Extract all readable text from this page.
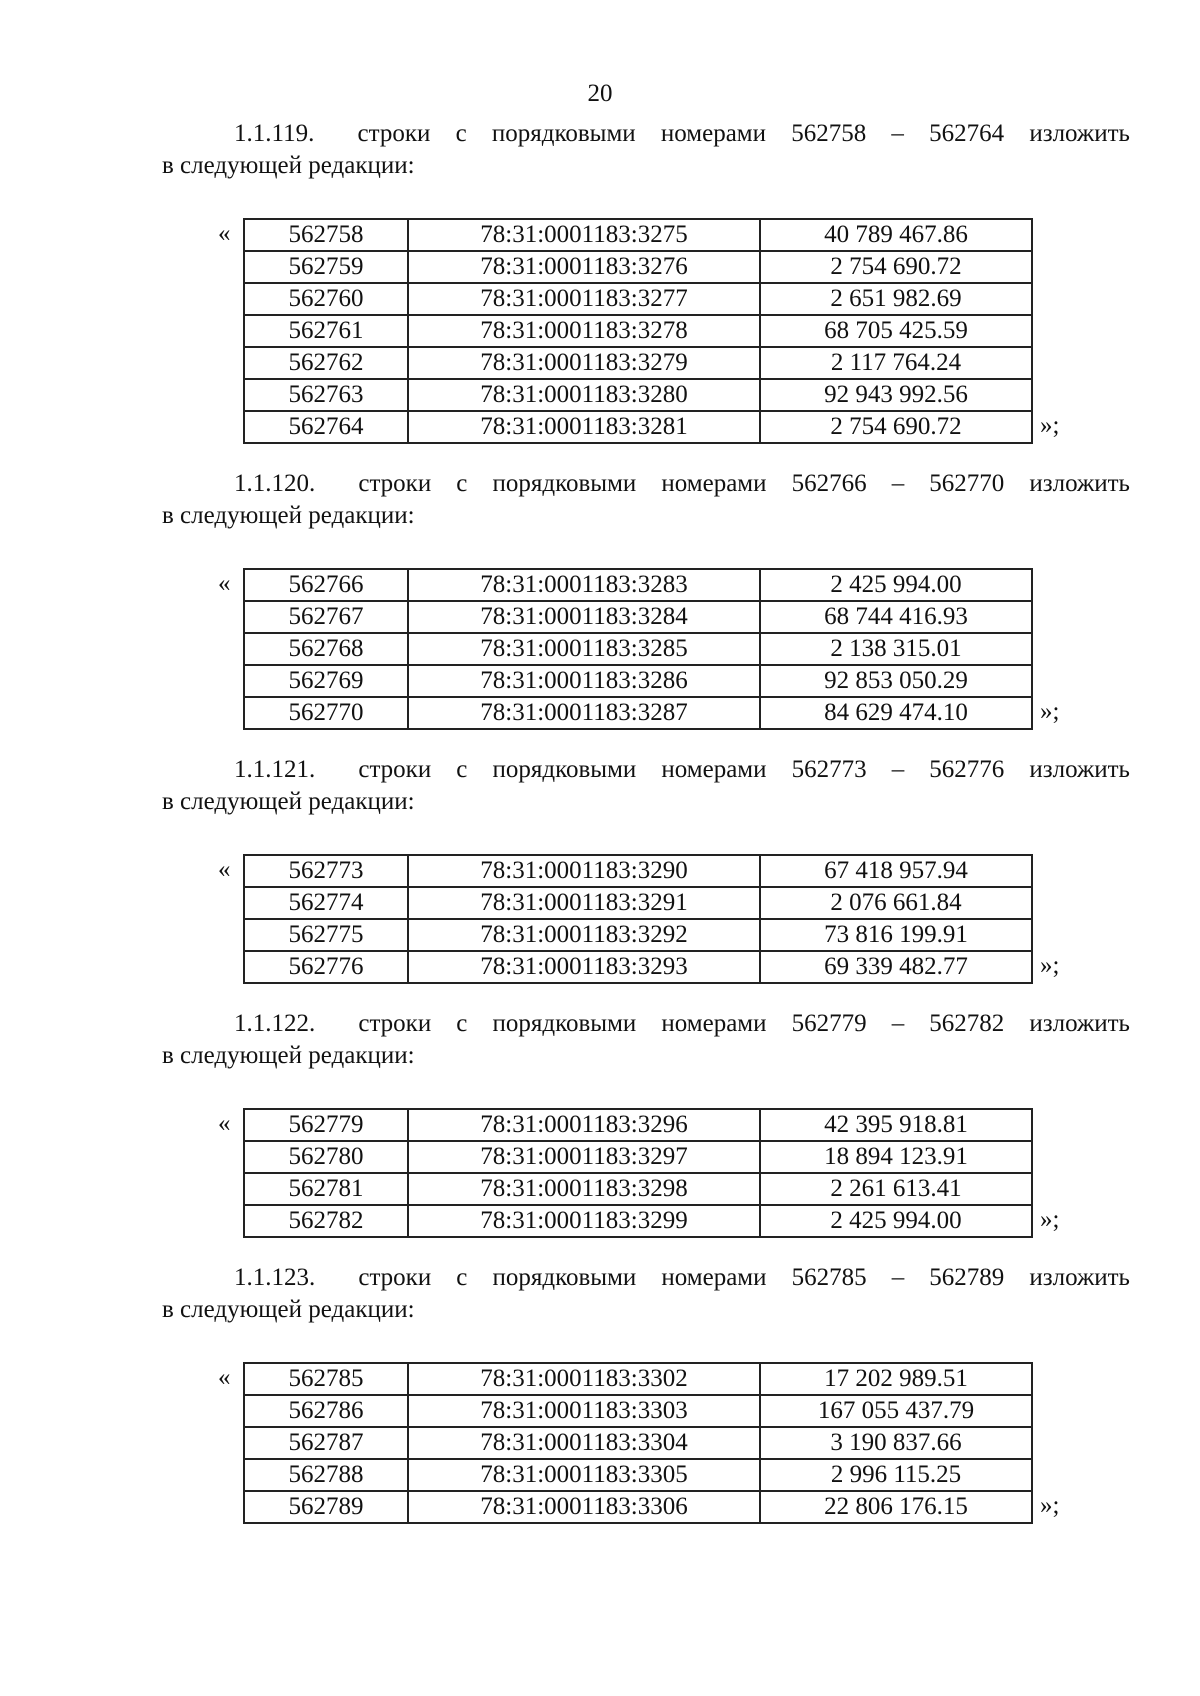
20
1.1.119. строки с порядковыми номерами 562758 – 562764 изложить
в следующей редакции:
« 562758	78:31:0001183:3275	40 789 467.86
562759	78:31:0001183:3276	2 754 690.72
562760	78:31:0001183:3277	2 651 982.69
562761	78:31:0001183:3278	68 705 425.59
562762	78:31:0001183:3279	2 117 764.24
562763	78:31:0001183:3280	92 943 992.56
562764	78:31:0001183:3281	2 754 690.72	»;
1.1.120. строки с порядковыми номерами 562766 – 562770 изложить
в следующей редакции:
« 562766	78:31:0001183:3283	2 425 994.00
562767	78:31:0001183:3284	68 744 416.93
562768	78:31:0001183:3285	2 138 315.01
562769	78:31:0001183:3286	92 853 050.29
562770	78:31:0001183:3287	84 629 474.10	»;
1.1.121. строки с порядковыми номерами 562773 – 562776 изложить
в следующей редакции:
« 562773	78:31:0001183:3290	67 418 957.94
562774	78:31:0001183:3291	2 076 661.84
562775	78:31:0001183:3292	73 816 199.91
562776	78:31:0001183:3293	69 339 482.77	»;
1.1.122. строки с порядковыми номерами 562779 – 562782 изложить
в следующей редакции:
« 562779	78:31:0001183:3296	42 395 918.81
562780	78:31:0001183:3297	18 894 123.91
562781	78:31:0001183:3298	2 261 613.41
562782	78:31:0001183:3299	2 425 994.00	»;
1.1.123. строки с порядковыми номерами 562785 – 562789 изложить
в следующей редакции:
« 562785	78:31:0001183:3302	17 202 989.51
562786	78:31:0001183:3303	167 055 437.79
562787	78:31:0001183:3304	3 190 837.66
562788	78:31:0001183:3305	2 996 115.25
562789	78:31:0001183:3306	22 806 176.15	»;
